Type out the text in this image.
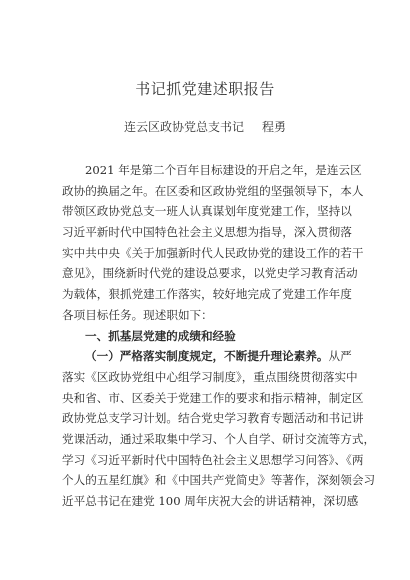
书记抓党建述职报告
连云区政协党总支书记 程勇
2021 年是第二个百年目标建设的开启之年，是连云区
政协的换届之年。在区委和区政协党组的坚强领导下，本人
带领区政协党总支一班人认真谋划年度党建工作，坚持以
习近平新时代中国特色社会主义思想为指导，深入贯彻落
实中共中央《关于加强新时代人民政协党的建设工作的若干
意见》，围绕新时代党的建设总要求，以党史学习教育活动
为载体，狠抓党建工作落实，较好地完成了党建工作年度
各项目标任务。现述职如下：
一、抓基层党建的成绩和经验
（一）严格落实制度规定，不断提升理论素养。从严
落实《区政协党组中心组学习制度》，重点围绕贯彻落实中
央和省、市、区委关于党建工作的要求和指示精神，制定区
政协党总支学习计划。结合党史学习教育专题活动和书记讲
党课活动，通过采取集中学习、个人自学、研讨交流等方式，
学习《习近平新时代中国特色社会主义思想学习问答》、《两
个人的五星红旗》和《中国共产党简史》等著作，深刻领会习
近平总书记在建党 100 周年庆祝大会的讲话精神，深切感
